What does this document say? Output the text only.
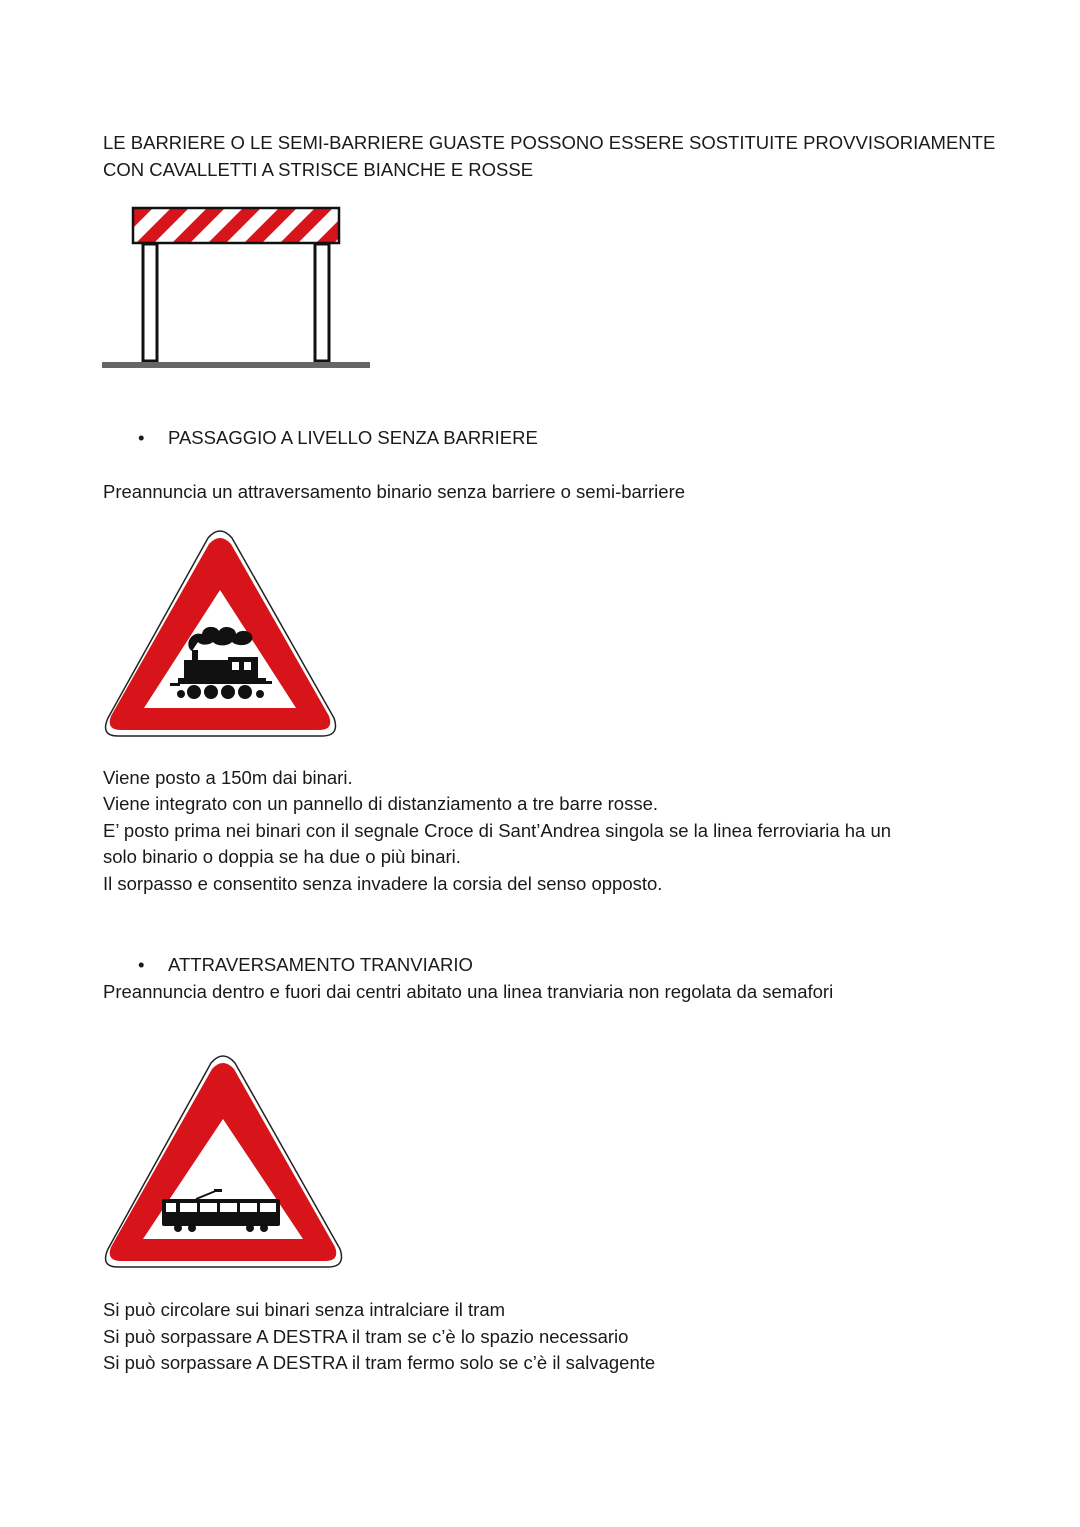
LE BARRIERE O LE SEMI-BARRIERE GUASTE POSSONO ESSERE SOSTITUITE PROVVISORIAMENTE
CON CAVALLETTI A STRISCE BIANCHE E ROSSE
• PASSAGGIO A LIVELLO SENZA BARRIERE
Preannuncia un attraversamento binario senza barriere o semi-barriere
Viene posto a 150m dai binari.
Viene integrato con un pannello di distanziamento a tre barre rosse.
E’ posto prima nei binari con il segnale Croce di Sant’Andrea singola se la linea ferroviaria ha un
solo binario o doppia se ha due o più binari.
Il sorpasso e consentito senza invadere la corsia del senso opposto.
• ATTRAVERSAMENTO TRANVIARIO
Preannuncia dentro e fuori dai centri abitato una linea tranviaria non regolata da semafori
Si può circolare sui binari senza intralciare il tram
Si può sorpassare A DESTRA il tram se c’è lo spazio necessario
Si può sorpassare A DESTRA il tram fermo solo se c’è il salvagente
